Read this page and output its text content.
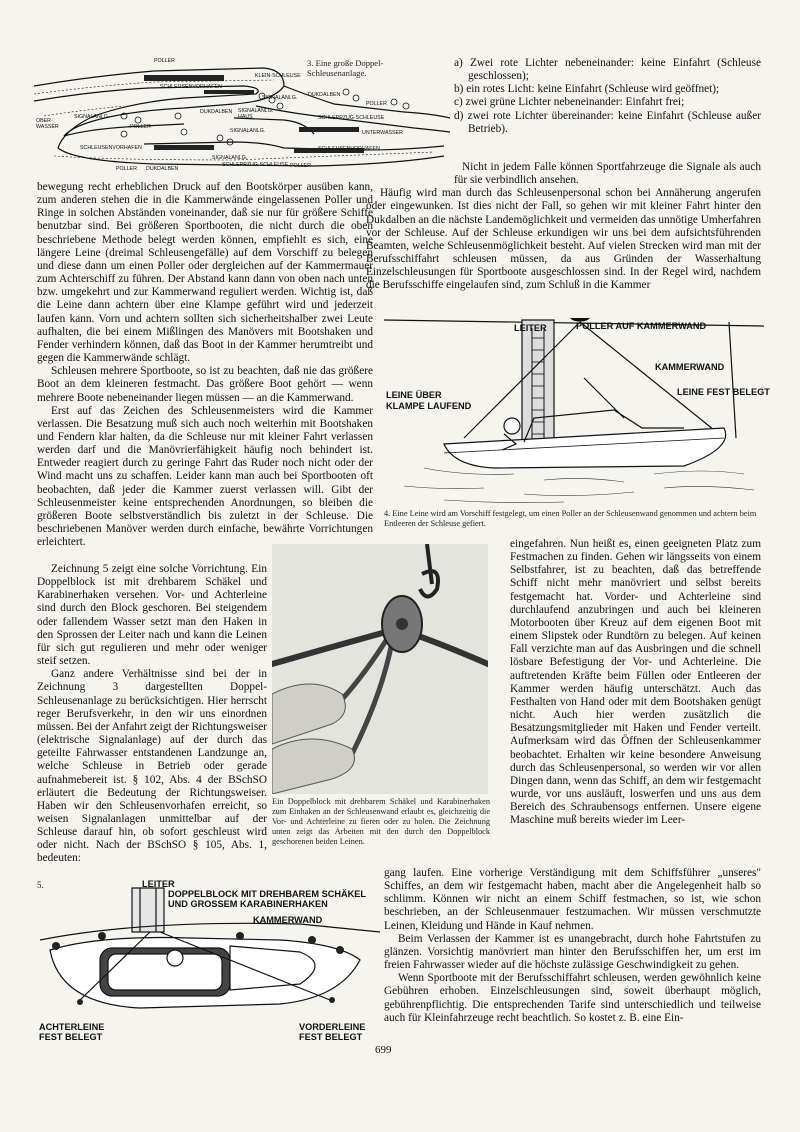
POLLER
KLEIN-SCHLEUSE
SCHLEUSENVORHAFEN
SIGNALANLG. DUKDALBEN
POLLER
OBER-WASSER
SIGNALANLG.
POLLER
DUKDALBEN SIGNALANLG. HAUS	SCHLEPPZUG-SCHLEUSE
UNTERWASSER
SCHLEUSENVORHAFEN
SIGNALANLG.
SCHLEUSENVORHAFEN
SIGNALANLG.
SCHLEPPZUG-SCHLEUSE
POLLER DUKDALBEN	POLLER
3. Eine große Doppel-Schleusenanlage.

a) Zwei rote Lichter nebeneinander: keine Einfahrt (Schleuse geschlossen);

b) ein rotes Licht: keine Einfahrt (Schleuse wird geöffnet);

c) zwei grüne Lichter nebeneinander: Einfahrt frei;

d) zwei rote Lichter übereinander: keine Einfahrt (Schleuse außer Betrieb).

Nicht in jedem Falle können Sportfahrzeuge die Signale als auch für sie verbindlich ansehen.

Häufig wird man durch das Schleusenpersonal schon bei Annäherung angerufen oder eingewunken. Ist dies nicht der Fall, so gehen wir mit kleiner Fahrt hinter den Dukdalben an die nächste Landemöglichkeit und vermeiden das unnötige Umherfahren vor der Schleuse. Auf der Schleuse erkundigen wir uns bei dem aufsichtsführenden Beamten, welche Schleusenmöglichkeit besteht. Auf vielen Strecken wird man mit der Berufsschiffahrt schleusen müssen, da aus Gründen der Wasserhaltung Einzelschleusungen für Sportboote ausgeschlossen sind. In der Regel wird, nachdem die Berufsschiffe eingelaufen sind, zum Schluß in die Kammer

bewegung recht erheblichen Druck auf den Bootskörper ausüben kann, zum anderen stehen die in die Kammerwände eingelassenen Poller und Ringe in solchen Abständen voneinander, daß sie nur für größere Schiffe benutzbar sind. Bei größeren Sportbooten, die nicht durch die oben beschriebene Methode belegt werden können, empfiehlt es sich, eine längere Leine (dreimal Schleusengefälle) auf dem Vorschiff zu belegen und diese dann um einen Poller oder dergleichen auf der Kammermauer zum Achterschiff zu führen. Der Abstand kann dann von oben nach unten bzw. umgekehrt und zur Kammerwand reguliert werden. Wichtig ist, daß die Leine dann achtern über eine Klampe geführt wird und jederzeit laufen kann. Vorn und achtern sollten sich sicherheitshalber zwei Leute aufhalten, die bei einem Mißlingen des Manövers mit Bootshaken und Fender verhindern können, daß das Boot in der Kammer herumtreibt und gegen die Kammerwände schlägt.

Schleusen mehrere Sportboote, so ist zu beachten, daß nie das größere Boot an dem kleineren festmacht. Das größere Boot gehört — wenn mehrere Boote nebeneinander liegen müssen — an die Kammerwand.

Erst auf das Zeichen des Schleusenmeisters wird die Kammer verlassen. Die Besatzung muß sich auch noch weiterhin mit Bootshaken und Fendern klar halten, da die Schleuse nur mit kleiner Fahrt verlassen werden darf und die Manövrierfähigkeit häufig noch behindert ist. Entweder reagiert durch zu geringe Fahrt das Ruder noch nicht oder der Wind macht uns zu schaffen. Leider kann man auch bei Sportbooten oft beobachten, daß jeder die Kammer zuerst verlassen will. Gibt der Schleusenmeister keine entsprechenden Anordnungen, so bleiben die größeren Boote selbstverständlich bis zuletzt in der Schleuse. Die beschriebenen Manöver werden durch einfache, bewährte Vorrichtungen erleichtert.

Zeichnung 5 zeigt eine solche Vorrichtung. Ein Doppelblock ist mit drehbarem Schäkel und Karabinerhaken versehen. Vor- und Achterleine sind durch den Block geschoren. Bei steigendem oder fallendem Wasser setzt man den Haken in den Sprossen der Leiter nach und kann die Leinen für sich gut regulieren und mehr oder weniger steif setzen.

Ganz andere Verhältnisse sind bei der in Zeichnung 3 dargestellten Doppel-Schleusenanlage zu berücksichtigen. Hier herrscht reger Berufsverkehr, in den wir uns einordnen müssen. Bei der Anfahrt zeigt der Richtungsweiser (elektrische Signalanlage) auf der durch das geteilte Fahrwasser entstandenen Landzunge an, welche Schleuse in Betrieb oder gerade aufnahmebereit ist. § 102, Abs. 4 der BSchSO erläutert die Bedeutung der Richtungsweiser. Haben wir den Schleusenvorhafen erreicht, so weisen Signalanlagen unmittelbar auf der Schleuse darauf hin, ob sofort geschleust wird oder nicht. Nach der BSchSO § 105, Abs. 1, bedeuten:

LEITER	POLLER AUF KAMMERWAND
KAMMERWAND
LEINE FEST BELEGT
LEINE ÜBER
KLAMPE LAUFEND
4. Eine Leine wird am Vorschiff festgelegt, um einen Poller an der Schleusenwand genommen und achtern beim Entleeren der Schleuse gefiert.
Ein Doppelblock mit drehbarem Schäkel und Karabinerhaken zum Einhaken an der Schleusenwand erlaubt es, gleichzeitig die Vor- und Achterleine zu fieren oder zu holen. Die Zeichnung unten zeigt das Arbeiten mit den durch den Doppelblock geschorenen beiden Leinen.

eingefahren. Nun heißt es, einen geeigneten Platz zum Festmachen zu finden. Gehen wir längsseits von einem Selbstfahrer, ist zu beachten, daß das betreffende Schiff nicht mehr manövriert und selbst bereits festgemacht hat. Vorder- und Achterleine sind durchlaufend anzubringen und auch bei kleineren Motorbooten über Kreuz auf dem eigenen Boot mit einem Slipstek oder Rundtörn zu belegen. Auf keinen Fall verzichte man auf das Ausbringen und die schnell lösbare Befestigung der Vor- und Achterleine. Die auftretenden Kräfte beim Füllen oder Entleeren der Kammer werden häufig unterschätzt. Auch das Festhalten von Hand oder mit dem Bootshaken genügt nicht. Auch hier werden zusätzlich die Besatzungsmitglieder mit Haken und Fender verteilt. Aufmerksam wird das Öffnen der Schleusenkammer beobachtet. Erhalten wir keine besondere Anweisung durch das Schleusenpersonal, so werden wir vor allen Dingen dann, wenn das Schiff, an dem wir festgemacht wurde, vor uns ausläuft, loswerfen und uns aus dem Bereich des Schraubensogs entfernen. Unsere eigene Maschine muß bereits wieder im Leer-

gang laufen. Eine vorherige Verständigung mit dem Schiffsführer „unseres" Schiffes, an dem wir festgemacht haben, macht aber die Angelegenheit halb so schlimm. Können wir nicht an einem Schiff festmachen, so ist, wie schon beschrieben, an der Schleusenmauer festzumachen. Wir müssen verschmutzte Leinen, Kleidung und Hände in Kauf nehmen.

Beim Verlassen der Kammer ist es unangebracht, durch hohe Fahrtstufen zu glänzen. Vorsichtig manövriert man hinter den Berufsschiffen her, um erst im freien Fahrwasser wieder auf die höchste zulässige Geschwindigkeit zu gehen.

Wenn Sportboote mit der Berufsschiffahrt schleusen, werden gewöhnlich keine Gebühren erhoben. Einzelschleusungen sind, soweit überhaupt möglich, gebührenpflichtig. Die entsprechenden Tarife sind unterschiedlich und teilweise auch für Kleinfahrzeuge recht beachtlich. So kostet z. B. eine Ein-

5.	LEITER
DOPPELBLOCK MIT DREHBAREM SCHÄKEL
UND GROSSEM KARABINERHAKEN
KAMMERWAND
ACHTERLEINE
FEST BELEGT
VORDERLEINE
FEST BELEGT
699
